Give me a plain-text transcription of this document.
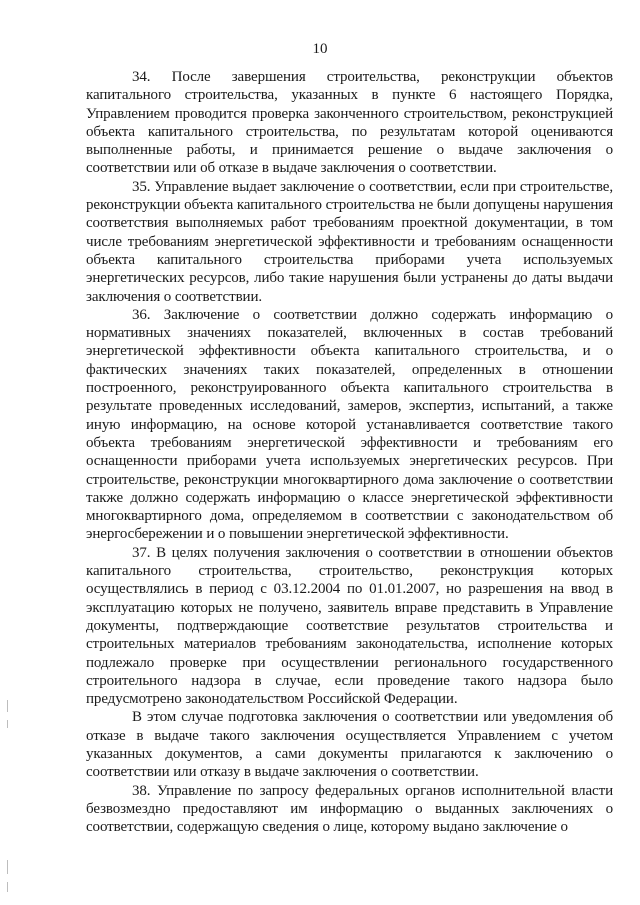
10

34. После завершения строительства, реконструкции объектов капитального строительства, указанных в пункте 6 настоящего Порядка, Управлением проводится проверка законченного строительством, реконструкцией объекта капитального строительства, по результатам которой оцениваются выполненные работы, и принимается решение о выдаче заключения о соответствии или об отказе в выдаче заключения о соответствии.

35. Управление выдает заключение о соответствии, если при строительстве, реконструкции объекта капитального строительства не были допущены нарушения соответствия выполняемых работ требованиям проектной документации, в том числе требованиям энергетической эффективности и требованиям оснащенности объекта капитального строительства приборами учета используемых энергетических ресурсов, либо такие нарушения были устранены до даты выдачи заключения о соответствии.

36. Заключение о соответствии должно содержать информацию о нормативных значениях показателей, включенных в состав требований энергетической эффективности объекта капитального строительства, и о фактических значениях таких показателей, определенных в отношении построенного, реконструированного объекта капитального строительства в результате проведенных исследований, замеров, экспертиз, испытаний, а также иную информацию, на основе которой устанавливается соответствие такого объекта требованиям энергетической эффективности и требованиям его оснащенности приборами учета используемых энергетических ресурсов. При строительстве, реконструкции многоквартирного дома заключение о соответствии также должно содержать информацию о классе энергетической эффективности многоквартирного дома, определяемом в соответствии с законодательством об энергосбережении и о повышении энергетической эффективности.

37. В целях получения заключения о соответствии в отношении объектов капитального строительства, строительство, реконструкция которых осуществлялись в период с 03.12.2004 по 01.01.2007, но разрешения на ввод в эксплуатацию которых не получено, заявитель вправе представить в Управление документы, подтверждающие соответствие результатов строительства и строительных материалов требованиям законодательства, исполнение которых подлежало проверке при осуществлении регионального государственного строительного надзора в случае, если проведение такого надзора было предусмотрено законодательством Российской Федерации.

В этом случае подготовка заключения о соответствии или уведомления об отказе в выдаче такого заключения осуществляется Управлением с учетом указанных документов, а сами документы прилагаются к заключению о соответствии или отказу в выдаче заключения о соответствии.

38. Управление по запросу федеральных органов исполнительной власти безвозмездно предоставляют им информацию о выданных заключениях о соответствии, содержащую сведения о лице, которому выдано заключение о
